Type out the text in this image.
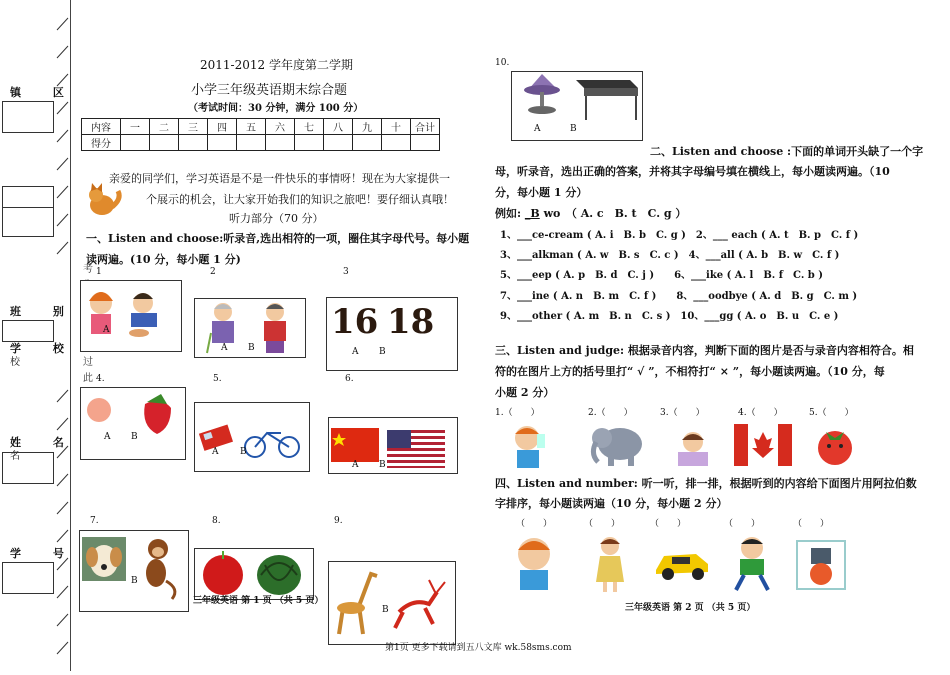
镇 区
班 别
学 校
校
姓 名
名
学 号
考
过
此
2011-2012 学年度第二学期
小学三年级英语期末综合题
（考试时间：30 分钟，满分 100 分）
内容	一	二	三	四	五	六	七	八	九	十	合计
得分											
亲爱的同学们，学习英语是不是一件快乐的事情呀！现在为大家提供一
个展示的机会，让大家开始我们的知识之旅吧！要仔细认真哦！
听力部分（70 分）
一、Listen and choose:听录音,选出相符的一项，圈住其字母代号。每小题
读两遍。(10 分，每小题 1 分)
1	2	3
4.	5.	6.
7.	8.	9.
A
A B
16 18
A B
A B
A B
A B
B
三年级英语 第 1 页 （共 5 页）
B
10.
A	B
二、Listen and choose :下面的单词开头缺了一个字
母，听录音，选出正确的答案，并将其字母编号填在横线上，每小题读两遍。（10
分，每小题 1 分）
例如: _B wo　（ A. c　B. t　C. g ）
1、___ce-cream ( A. i　B. b　C. g )　2、___ each ( A. t　B. p　C. f )
3、___alkman ( A. w　B. s　C. c )　4、___all ( A. b　B. w　C. f )
5、___eep ( A. p　B. d　C. j )　　6、___ike ( A. l　B. f　C. b )
7、___ine ( A. n　B. m　C. f )　　8、___oodbye ( A. d　B. g　C. m )
9、___other ( A. m　B. n　C. s )　10、___gg ( A. o　B. u　C. e )
三、Listen and judge: 根据录音内容，判断下面的图片是否与录音内容相符合。相
符的在图片上方的括号里打“ √ ”，不相符打“ × ”，每小题读两遍。（10 分，每
小题 2 分）
1.（　　）	2.（　　）	3.（　　）	4.（　　）	5.（　　）
四、Listen and number: 听一听，排一排，根据听到的内容给下面图片用阿拉伯数
字排序，每小题读两遍（10 分，每小题 2 分）
（　　）	（　　）	（　　）	（　　）	（　　）
三年级英语 第 2 页 （共 5 页）
第1页 更多下载请到五八文库 wk.58sms.com
